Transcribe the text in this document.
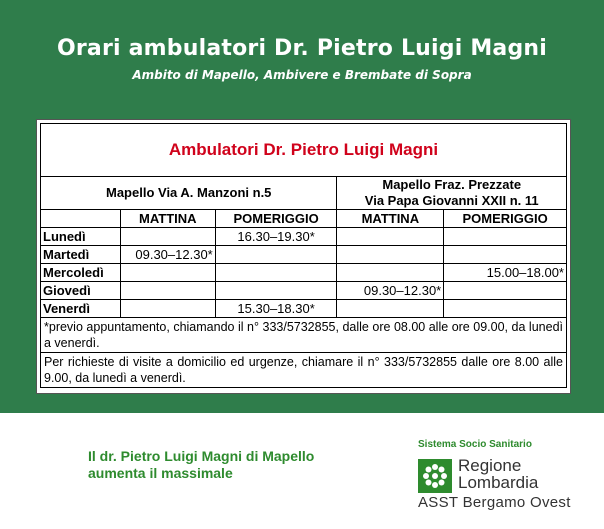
Orari ambulatori Dr. Pietro Luigi Magni
Ambito di Mapello, Ambivere e Brembate di Sopra
Ambulatori Dr. Pietro Luigi Magni				
Mapello Via A. Manzoni n.5			Mapello Fraz. Prezzate
Via Papa Giovanni XXII n. 11	
	MATTINA	POMERIGGIO	MATTINA	POMERIGGIO
Lunedì		16.30–19.30*		
Martedì	09.30–12.30*			
Mercoledì				15.00–18.00*
Giovedì			09.30–12.30*	
Venerdì		15.30–18.30*		
*previo appuntamento, chiamando il n° 333/5732855, dalle ore 08.00 alle ore 09.00, da lunedì a venerdì.				
Per richieste di visite a domicilio ed urgenze, chiamare il n° 333/5732855 dalle ore 8.00 alle 9.00, da lunedì a venerdì.				
Il dr. Pietro Luigi Magni di Mapello
aumenta il massimale
Sistema Socio Sanitario
Regione
Lombardia
ASST Bergamo Ovest
